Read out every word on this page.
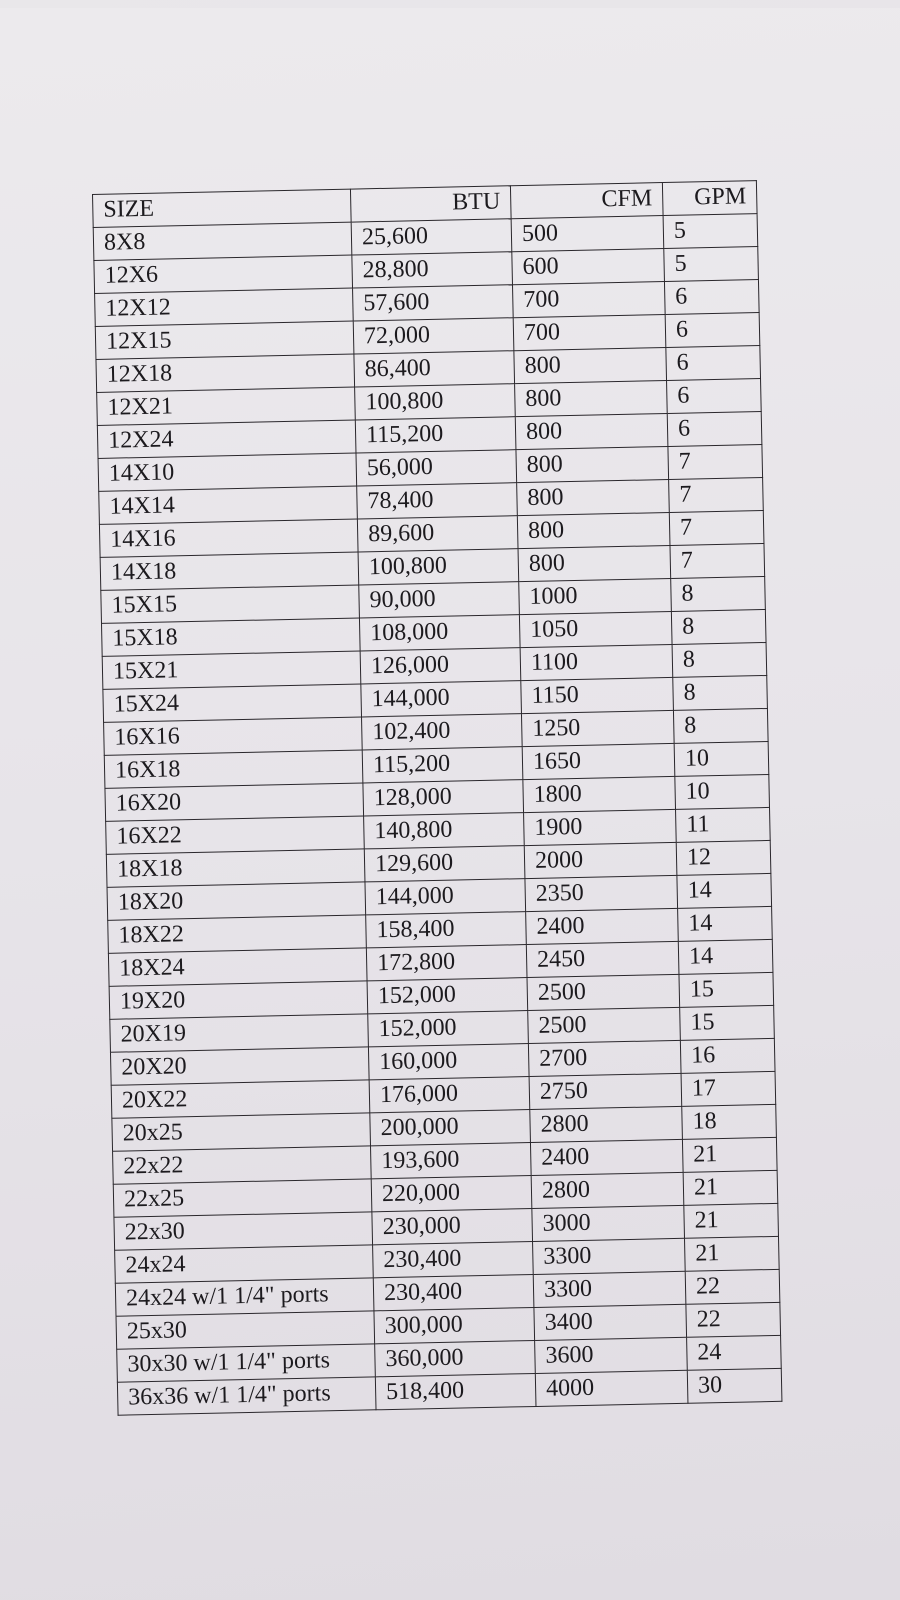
SIZE	BTU	CFM	GPM
8X8	25,600	500	5
12X6	28,800	600	5
12X12	57,600	700	6
12X15	72,000	700	6
12X18	86,400	800	6
12X21	100,800	800	6
12X24	115,200	800	6
14X10	56,000	800	7
14X14	78,400	800	7
14X16	89,600	800	7
14X18	100,800	800	7
15X15	90,000	1000	8
15X18	108,000	1050	8
15X21	126,000	1100	8
15X24	144,000	1150	8
16X16	102,400	1250	8
16X18	115,200	1650	10
16X20	128,000	1800	10
16X22	140,800	1900	11
18X18	129,600	2000	12
18X20	144,000	2350	14
18X22	158,400	2400	14
18X24	172,800	2450	14
19X20	152,000	2500	15
20X19	152,000	2500	15
20X20	160,000	2700	16
20X22	176,000	2750	17
20x25	200,000	2800	18
22x22	193,600	2400	21
22x25	220,000	2800	21
22x30	230,000	3000	21
24x24	230,400	3300	21
24x24 w/1 1/4" ports	230,400	3300	22
25x30	300,000	3400	22
30x30 w/1 1/4" ports	360,000	3600	24
36x36 w/1 1/4" ports	518,400	4000	30
